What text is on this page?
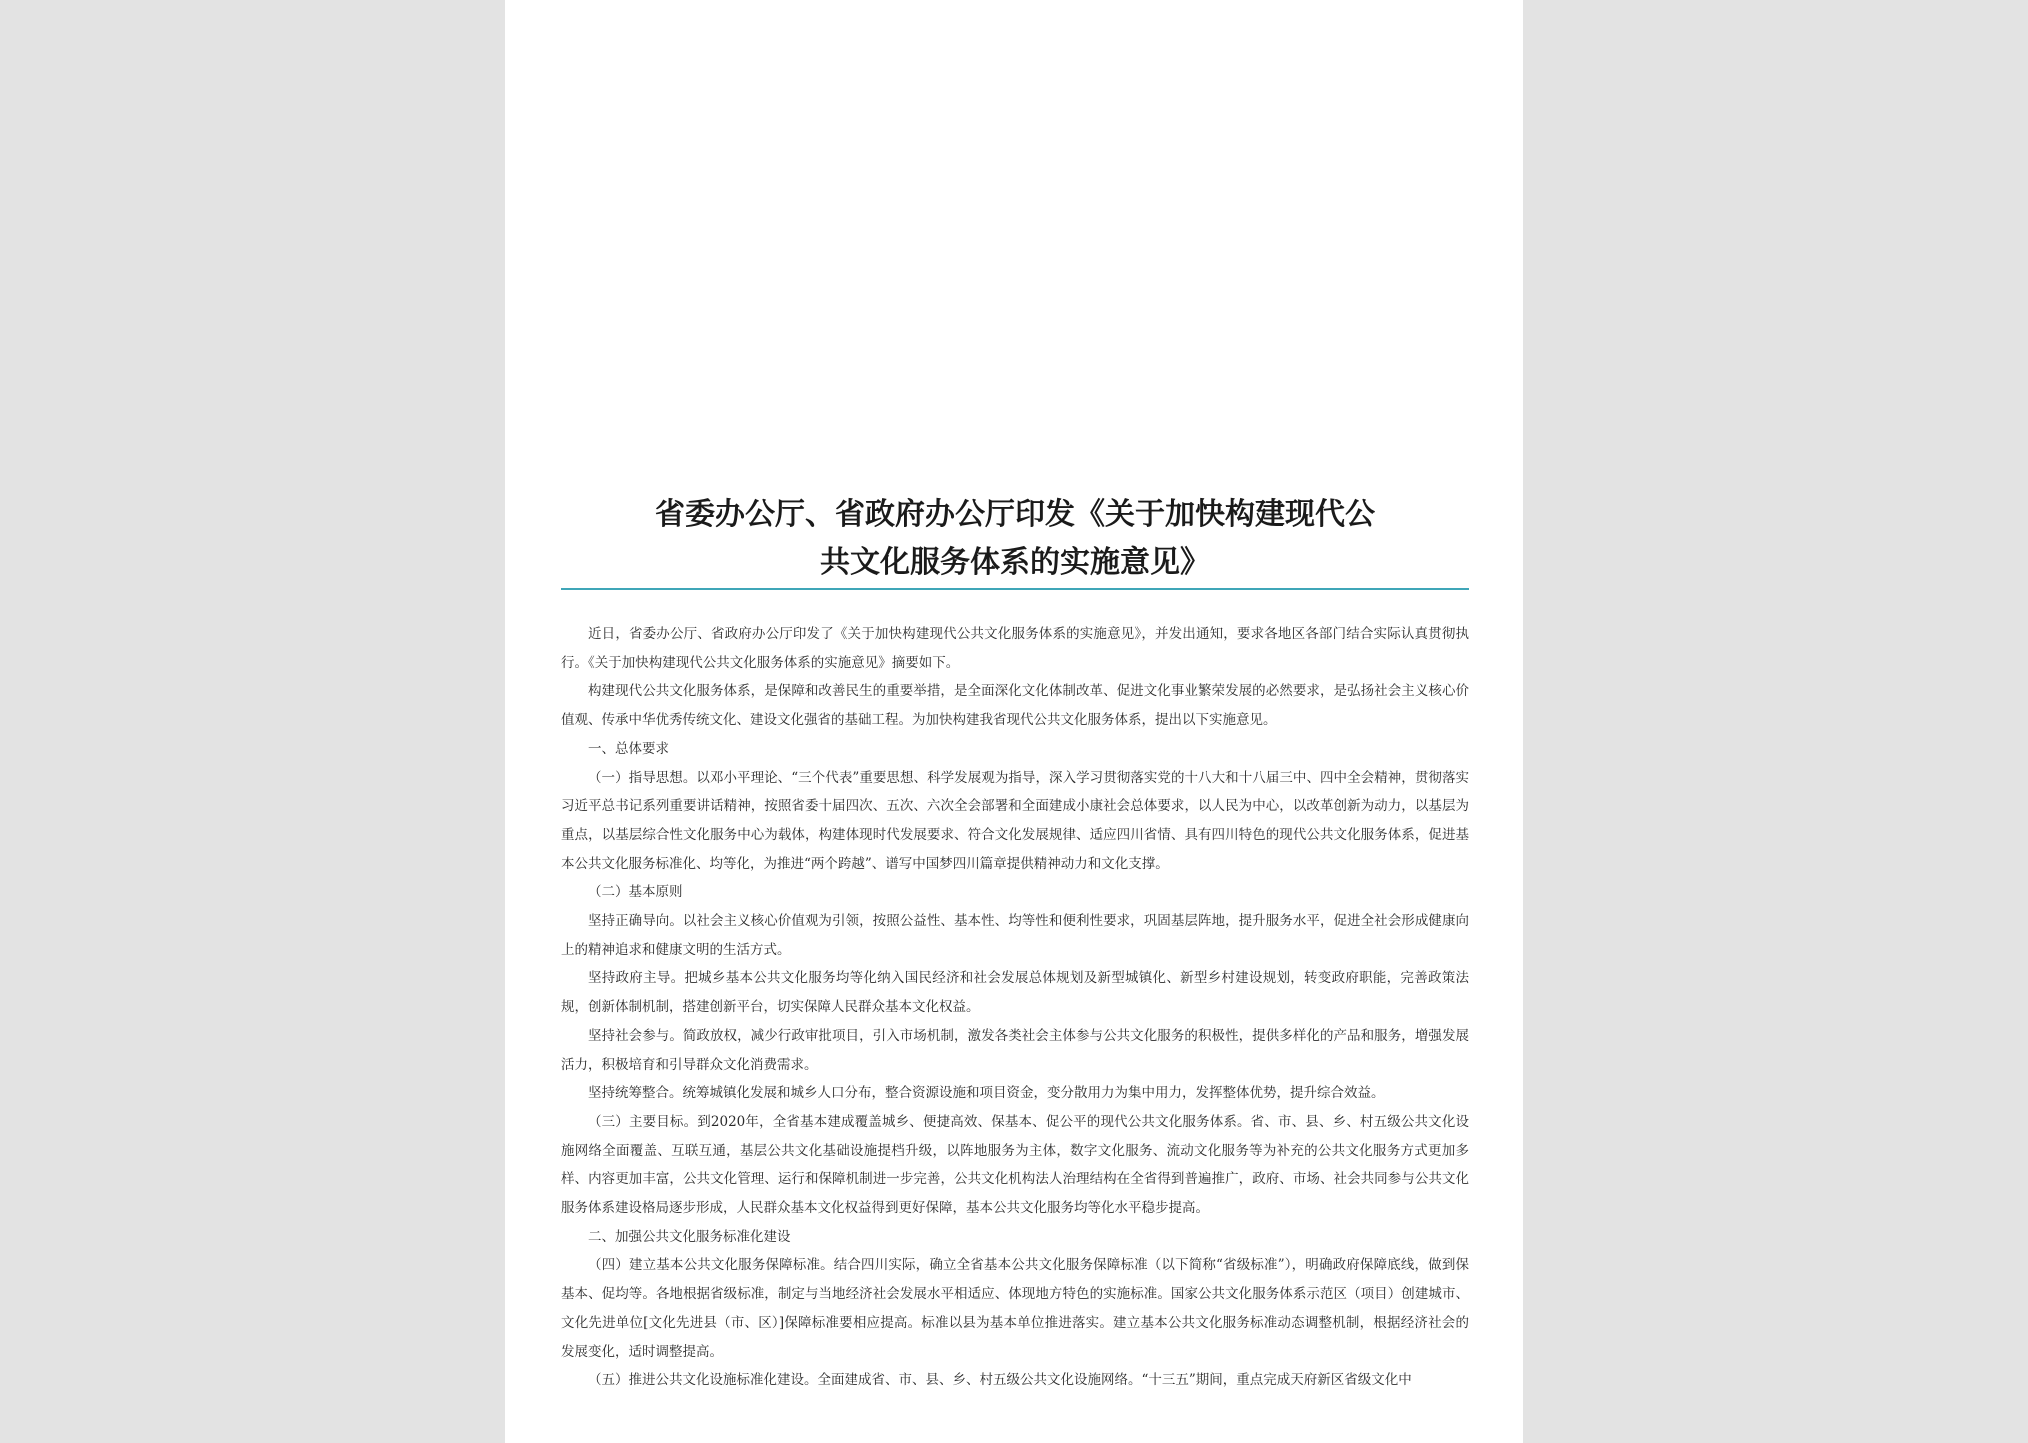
省委办公厅、省政府办公厅印发《关于加快构建现代公
共文化服务体系的实施意见》

近日，省委办公厅、省政府办公厅印发了《关于加快构建现代公共文化服务体系的实施意见》，并发出通知，要求各地区各部门结合实际认真贯彻执行。《关于加快构建现代公共文化服务体系的实施意见》摘要如下。

构建现代公共文化服务体系，是保障和改善民生的重要举措，是全面深化文化体制改革、促进文化事业繁荣发展的必然要求，是弘扬社会主义核心价值观、传承中华优秀传统文化、建设文化强省的基础工程。为加快构建我省现代公共文化服务体系，提出以下实施意见。

一、总体要求

（一）指导思想。以邓小平理论、“三个代表”重要思想、科学发展观为指导，深入学习贯彻落实党的十八大和十八届三中、四中全会精神，贯彻落实习近平总书记系列重要讲话精神，按照省委十届四次、五次、六次全会部署和全面建成小康社会总体要求，以人民为中心，以改革创新为动力，以基层为重点，以基层综合性文化服务中心为载体，构建体现时代发展要求、符合文化发展规律、适应四川省情、具有四川特色的现代公共文化服务体系，促进基本公共文化服务标准化、均等化，为推进“两个跨越”、谱写中国梦四川篇章提供精神动力和文化支撑。

（二）基本原则

坚持正确导向。以社会主义核心价值观为引领，按照公益性、基本性、均等性和便利性要求，巩固基层阵地，提升服务水平，促进全社会形成健康向上的精神追求和健康文明的生活方式。

坚持政府主导。把城乡基本公共文化服务均等化纳入国民经济和社会发展总体规划及新型城镇化、新型乡村建设规划，转变政府职能，完善政策法规，创新体制机制，搭建创新平台，切实保障人民群众基本文化权益。

坚持社会参与。简政放权，减少行政审批项目，引入市场机制，激发各类社会主体参与公共文化服务的积极性，提供多样化的产品和服务，增强发展活力，积极培育和引导群众文化消费需求。

坚持统筹整合。统筹城镇化发展和城乡人口分布，整合资源设施和项目资金，变分散用力为集中用力，发挥整体优势，提升综合效益。

（三）主要目标。到2020年，全省基本建成覆盖城乡、便捷高效、保基本、促公平的现代公共文化服务体系。省、市、县、乡、村五级公共文化设施网络全面覆盖、互联互通，基层公共文化基础设施提档升级，以阵地服务为主体，数字文化服务、流动文化服务等为补充的公共文化服务方式更加多样、内容更加丰富，公共文化管理、运行和保障机制进一步完善，公共文化机构法人治理结构在全省得到普遍推广，政府、市场、社会共同参与公共文化服务体系建设格局逐步形成，人民群众基本文化权益得到更好保障，基本公共文化服务均等化水平稳步提高。

二、加强公共文化服务标准化建设

（四）建立基本公共文化服务保障标准。结合四川实际，确立全省基本公共文化服务保障标准（以下简称“省级标准”），明确政府保障底线，做到保基本、促均等。各地根据省级标准，制定与当地经济社会发展水平相适应、体现地方特色的实施标准。国家公共文化服务体系示范区（项目）创建城市、文化先进单位[文化先进县（市、区）]保障标准要相应提高。标准以县为基本单位推进落实。建立基本公共文化服务标准动态调整机制，根据经济社会的发展变化，适时调整提高。

（五）推进公共文化设施标准化建设。全面建成省、市、县、乡、村五级公共文化设施网络。“十三五”期间，重点完成天府新区省级文化中
